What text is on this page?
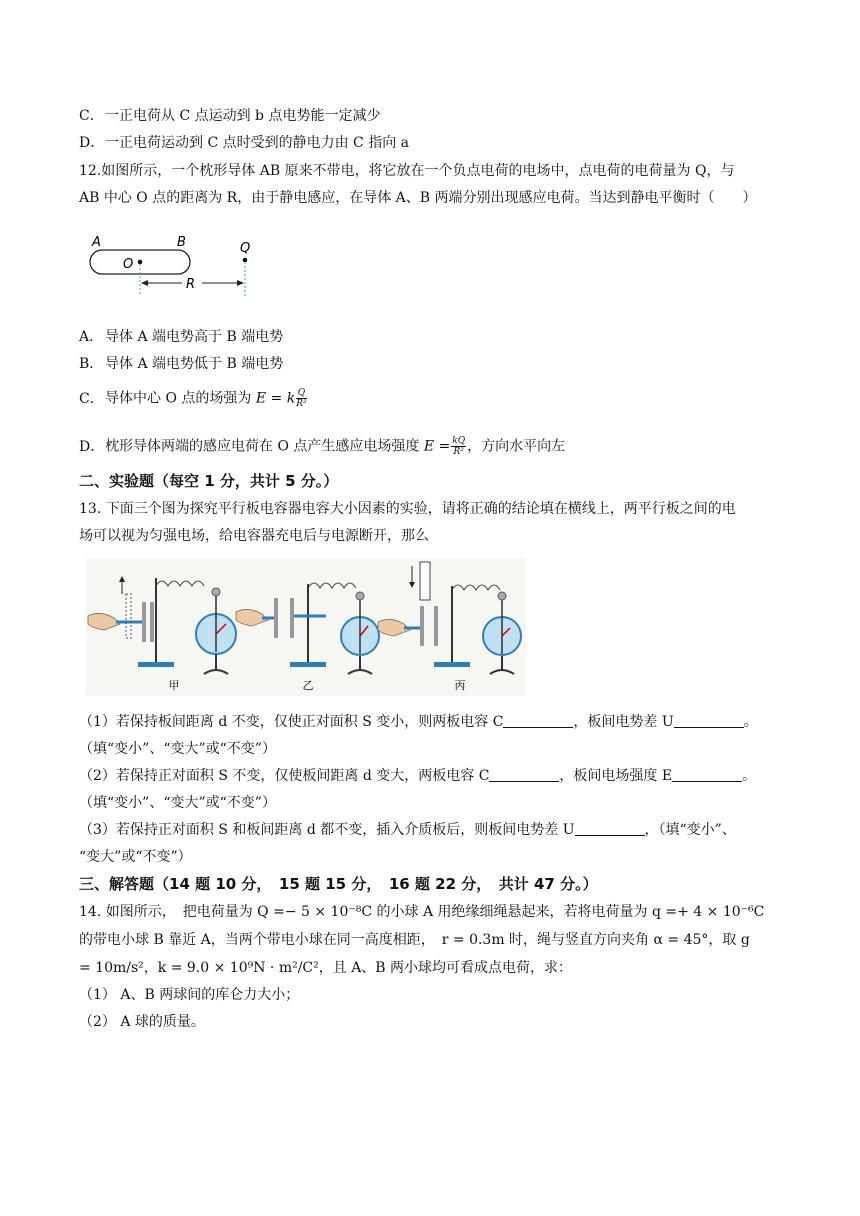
C．一正电荷从 C 点运动到 b 点电势能一定减少
D．一正电荷运动到 C 点时受到的静电力由 C 指向 a
12.如图所示，一个枕形导体 AB 原来不带电，将它放在一个负点电荷的电场中，点电荷的电荷量为 Q，与
AB 中心 O 点的距离为 R，由于静电感应，在导体 A、B 两端分别出现感应电荷。当达到静电平衡时（　　）
A	B
O
Q
R
A． 导体 A 端电势高于 B 端电势
B． 导体 A 端电势低于 B 端电势
C．导体中心 O 点的场强为 E = k $\frac{Q}{\text{R²}}$
D．枕形导体两端的感应电荷在 O 点产生感应电场强度 $E = \frac{kQ}{\text{R²}}$ ，方向水平向左
二、实验题（每空 1 分，共计 5 分。）
13. 下面三个图为探究平行板电容器电容大小因素的实验，请将正确的结论填在横线上，两平行板之间的电
场可以视为匀强电场，给电容器充电后与电源断开，那么
甲	乙	丙
（1）若保持板间距离 d 不变，仅使正对面积 S 变小，则两板电容 C	，板间电势差 U	。
（填“变小”、“变大”或“不变”）
（2）若保持正对面积 S 不变，仅使板间距离 d 变大，两板电容 C	，板间电场强度 E	。
（填“变小”、“变大”或“不变”）
（3）若保持正对面积 S 和板间距离 d 都不变，插入介质板后，则板间电势差 U	，（填“变小”、
“变大”或“不变”）
三、解答题（14 题 10 分，　15 题 15 分，　16 题 22 分，　共计 47 分。）
14. 如图所示，　把电荷量为 Q =− 5 × 10⁻⁸C 的小球 A 用绝缘细绳悬起来，若将电荷量为 q =+ 4 × 10⁻⁶C
的带电小球 B 靠近 A，当两个带电小球在同一高度相距，　r = 0.3m 时，绳与竖直方向夹角 α = 45°，取 g
= 10m/s²，k = 9.0 × 10⁹N · m²/C²，且 A、B 两小球均可看成点电荷，求：
（1） A、B 两球间的库仑力大小；
（2） A 球的质量。
